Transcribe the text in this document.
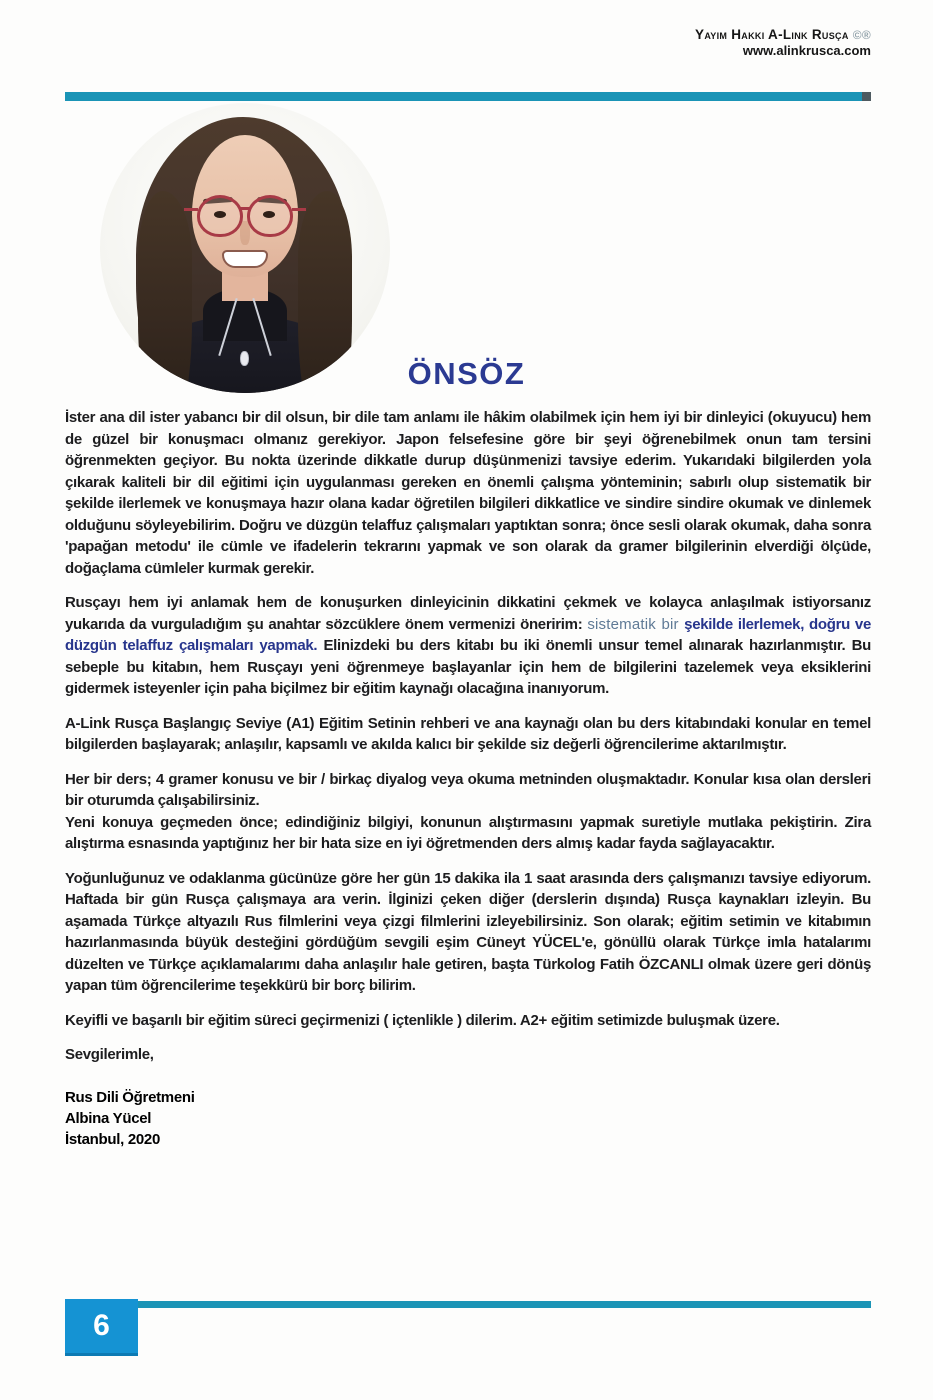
Yayım Hakkı A-Link Rusça ©®
www.alinkrusca.com
ÖNSÖZ

İster ana dil ister yabancı bir dil olsun, bir dile tam anlamı ile hâkim olabilmek için hem iyi bir dinleyici (okuyucu) hem de güzel bir konuşmacı olmanız gerekiyor. Japon felsefesine göre bir şeyi öğrenebilmek onun tam tersini öğrenmekten geçiyor. Bu nokta üzerinde dikkatle durup düşünmenizi tavsiye ederim. Yukarıdaki bilgilerden yola çıkarak kaliteli bir dil eğitimi için uygulanması gereken en önemli çalışma yönteminin; sabırlı olup sistematik bir şekilde ilerlemek ve konuşmaya hazır olana kadar öğretilen bilgileri dikkatlice ve sindire sindire okumak ve dinlemek olduğunu söyleyebilirim. Doğru ve düzgün telaffuz çalışmaları yaptıktan sonra; önce sesli olarak okumak, daha sonra 'papağan metodu' ile cümle ve ifadelerin tekrarını yapmak ve son olarak da gramer bilgilerinin elverdiği ölçüde, doğaçlama cümleler kurmak gerekir.

Rusçayı hem iyi anlamak hem de konuşurken dinleyicinin dikkatini çekmek ve kolayca anlaşılmak istiyorsanız yukarıda da vurguladığım şu anahtar sözcüklere önem vermenizi öneririm: sistematik bir şekilde ilerlemek, doğru ve düzgün telaffuz çalışmaları yapmak. Elinizdeki bu ders kitabı bu iki önemli unsur temel alınarak hazırlanmıştır. Bu sebeple bu kitabın, hem Rusçayı yeni öğrenmeye başlayanlar için hem de bilgilerini tazelemek veya eksiklerini gidermek isteyenler için paha biçilmez bir eğitim kaynağı olacağına inanıyorum.

A-Link Rusça Başlangıç Seviye (A1) Eğitim Setinin rehberi ve ana kaynağı olan bu ders kitabındaki konular en temel bilgilerden başlayarak; anlaşılır, kapsamlı ve akılda kalıcı bir şekilde siz değerli öğrencilerime aktarılmıştır.

Her bir ders; 4 gramer konusu ve bir / birkaç diyalog veya okuma metninden oluşmaktadır. Konular kısa olan dersleri bir oturumda çalışabilirsiniz.

Yeni konuya geçmeden önce; edindiğiniz bilgiyi, konunun alıştırmasını yapmak suretiyle mutlaka pekiştirin. Zira alıştırma esnasında yaptığınız her bir hata size en iyi öğretmenden ders almış kadar fayda sağlayacaktır.

Yoğunluğunuz ve odaklanma gücünüze göre her gün 15 dakika ila 1 saat arasında ders çalışmanızı tavsiye ediyorum. Haftada bir gün Rusça çalışmaya ara verin. İlginizi çeken diğer (derslerin dışında) Rusça kaynakları izleyin. Bu aşamada Türkçe altyazılı Rus filmlerini veya çizgi filmlerini izleyebilirsiniz. Son olarak; eğitim setimin ve kitabımın hazırlanmasında büyük desteğini gördüğüm sevgili eşim Cüneyt YÜCEL'e, gönüllü olarak Türkçe imla hatalarımı düzelten ve Türkçe açıklamalarımı daha anlaşılır hale getiren, başta Türkolog Fatih ÖZCANLI olmak üzere geri dönüş yapan tüm öğrencilerime teşekkürü bir borç bilirim.

Keyifli ve başarılı bir eğitim süreci geçirmenizi ( içtenlikle ) dilerim. A2+ eğitim setimizde buluşmak üzere.

Sevgilerimle,

Rus Dili Öğretmeni
Albina Yücel
İstanbul, 2020
6
